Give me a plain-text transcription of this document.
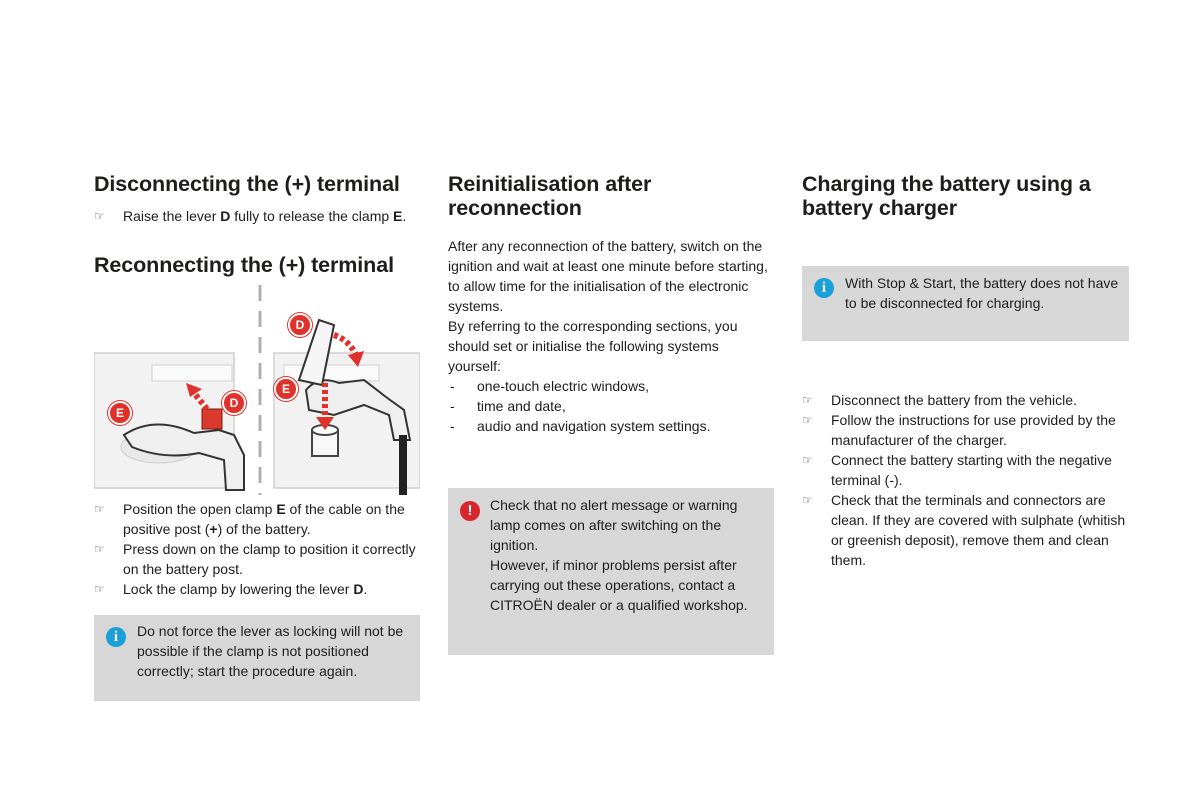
Disconnecting the (+) terminal
☞ Raise the lever D fully to release the clamp E.
Reconnecting the (+) terminal
E
D
D
E
☞ Position the open clamp E of the cable on the positive post (+) of the battery.
☞ Press down on the clamp to position it correctly on the battery post.
☞ Lock the clamp by lowering the lever D.
i	Do not force the lever as locking will not be possible if the clamp is not positioned correctly; start the procedure again.

Reinitialisation after reconnection

After any reconnection of the battery, switch on the ignition and wait at least one minute before starting, to allow time for the initialisation of the electronic systems.

By referring to the corresponding sections, you should set or initialise the following systems yourself:

- one-touch electric windows,
- time and date,
- audio and navigation system settings.
!	Check that no alert message or warning lamp comes on after switching on the ignition.

However, if minor problems persist after carrying out these operations, contact a CITROËN dealer or a qualified workshop.

Charging the battery using a battery charger
i	With Stop & Start, the battery does not have to be disconnected for charging.

☞ Disconnect the battery from the vehicle.
☞ Follow the instructions for use provided by the manufacturer of the charger.
☞ Connect the battery starting with the negative terminal (-).
☞ Check that the terminals and connectors are clean. If they are covered with sulphate (whitish or greenish deposit), remove them and clean them.
